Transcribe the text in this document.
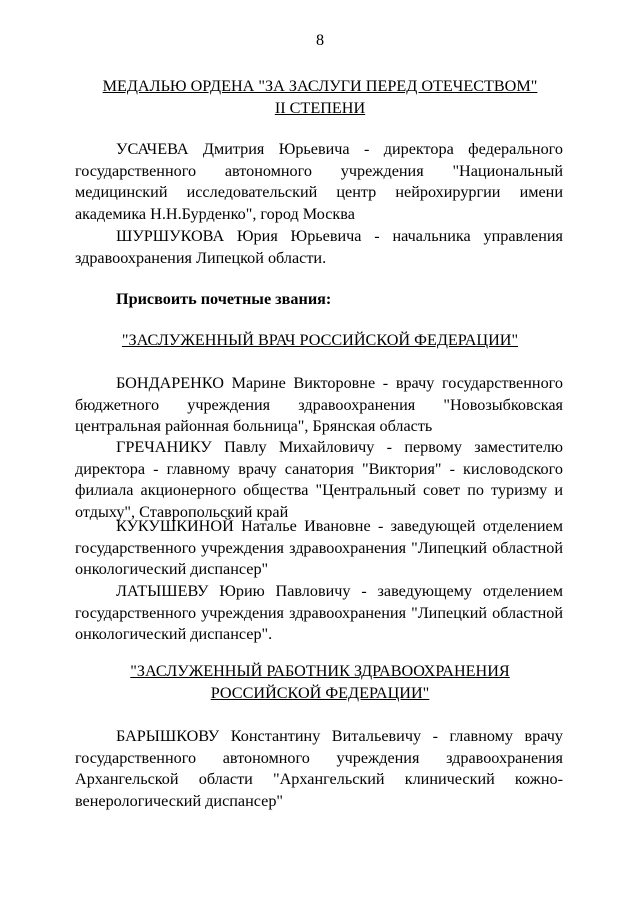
8
МЕДАЛЬЮ ОРДЕНА "ЗА ЗАСЛУГИ ПЕРЕД ОТЕЧЕСТВОМ"
II СТЕПЕНИ
УСАЧЕВА Дмитрия Юрьевича - директора федерального государственного автономного учреждения "Национальный медицинский исследовательский центр нейрохирургии имени академика Н.Н.Бурденко", город Москва
ШУРШУКОВА Юрия Юрьевича - начальника управления здравоохранения Липецкой области.
Присвоить почетные звания:
"ЗАСЛУЖЕННЫЙ ВРАЧ РОССИЙСКОЙ ФЕДЕРАЦИИ"
БОНДАРЕНКО Марине Викторовне - врачу государственного бюджетного учреждения здравоохранения "Новозыбковская центральная районная больница", Брянская область
ГРЕЧАНИКУ Павлу Михайловичу - первому заместителю директора - главному врачу санатория "Виктория" - кисловодского филиала акционерного общества "Центральный совет по туризму и отдыху", Ставропольский край
КУКУШКИНОЙ Наталье Ивановне - заведующей отделением государственного учреждения здравоохранения "Липецкий областной онкологический диспансер"
ЛАТЫШЕВУ Юрию Павловичу - заведующему отделением государственного учреждения здравоохранения "Липецкий областной онкологический диспансер".
"ЗАСЛУЖЕННЫЙ РАБОТНИК ЗДРАВООХРАНЕНИЯ
РОССИЙСКОЙ ФЕДЕРАЦИИ"
БАРЫШКОВУ Константину Витальевичу - главному врачу государственного автономного учреждения здравоохранения Архангельской области "Архангельский клинический кожно-венерологический диспансер"
